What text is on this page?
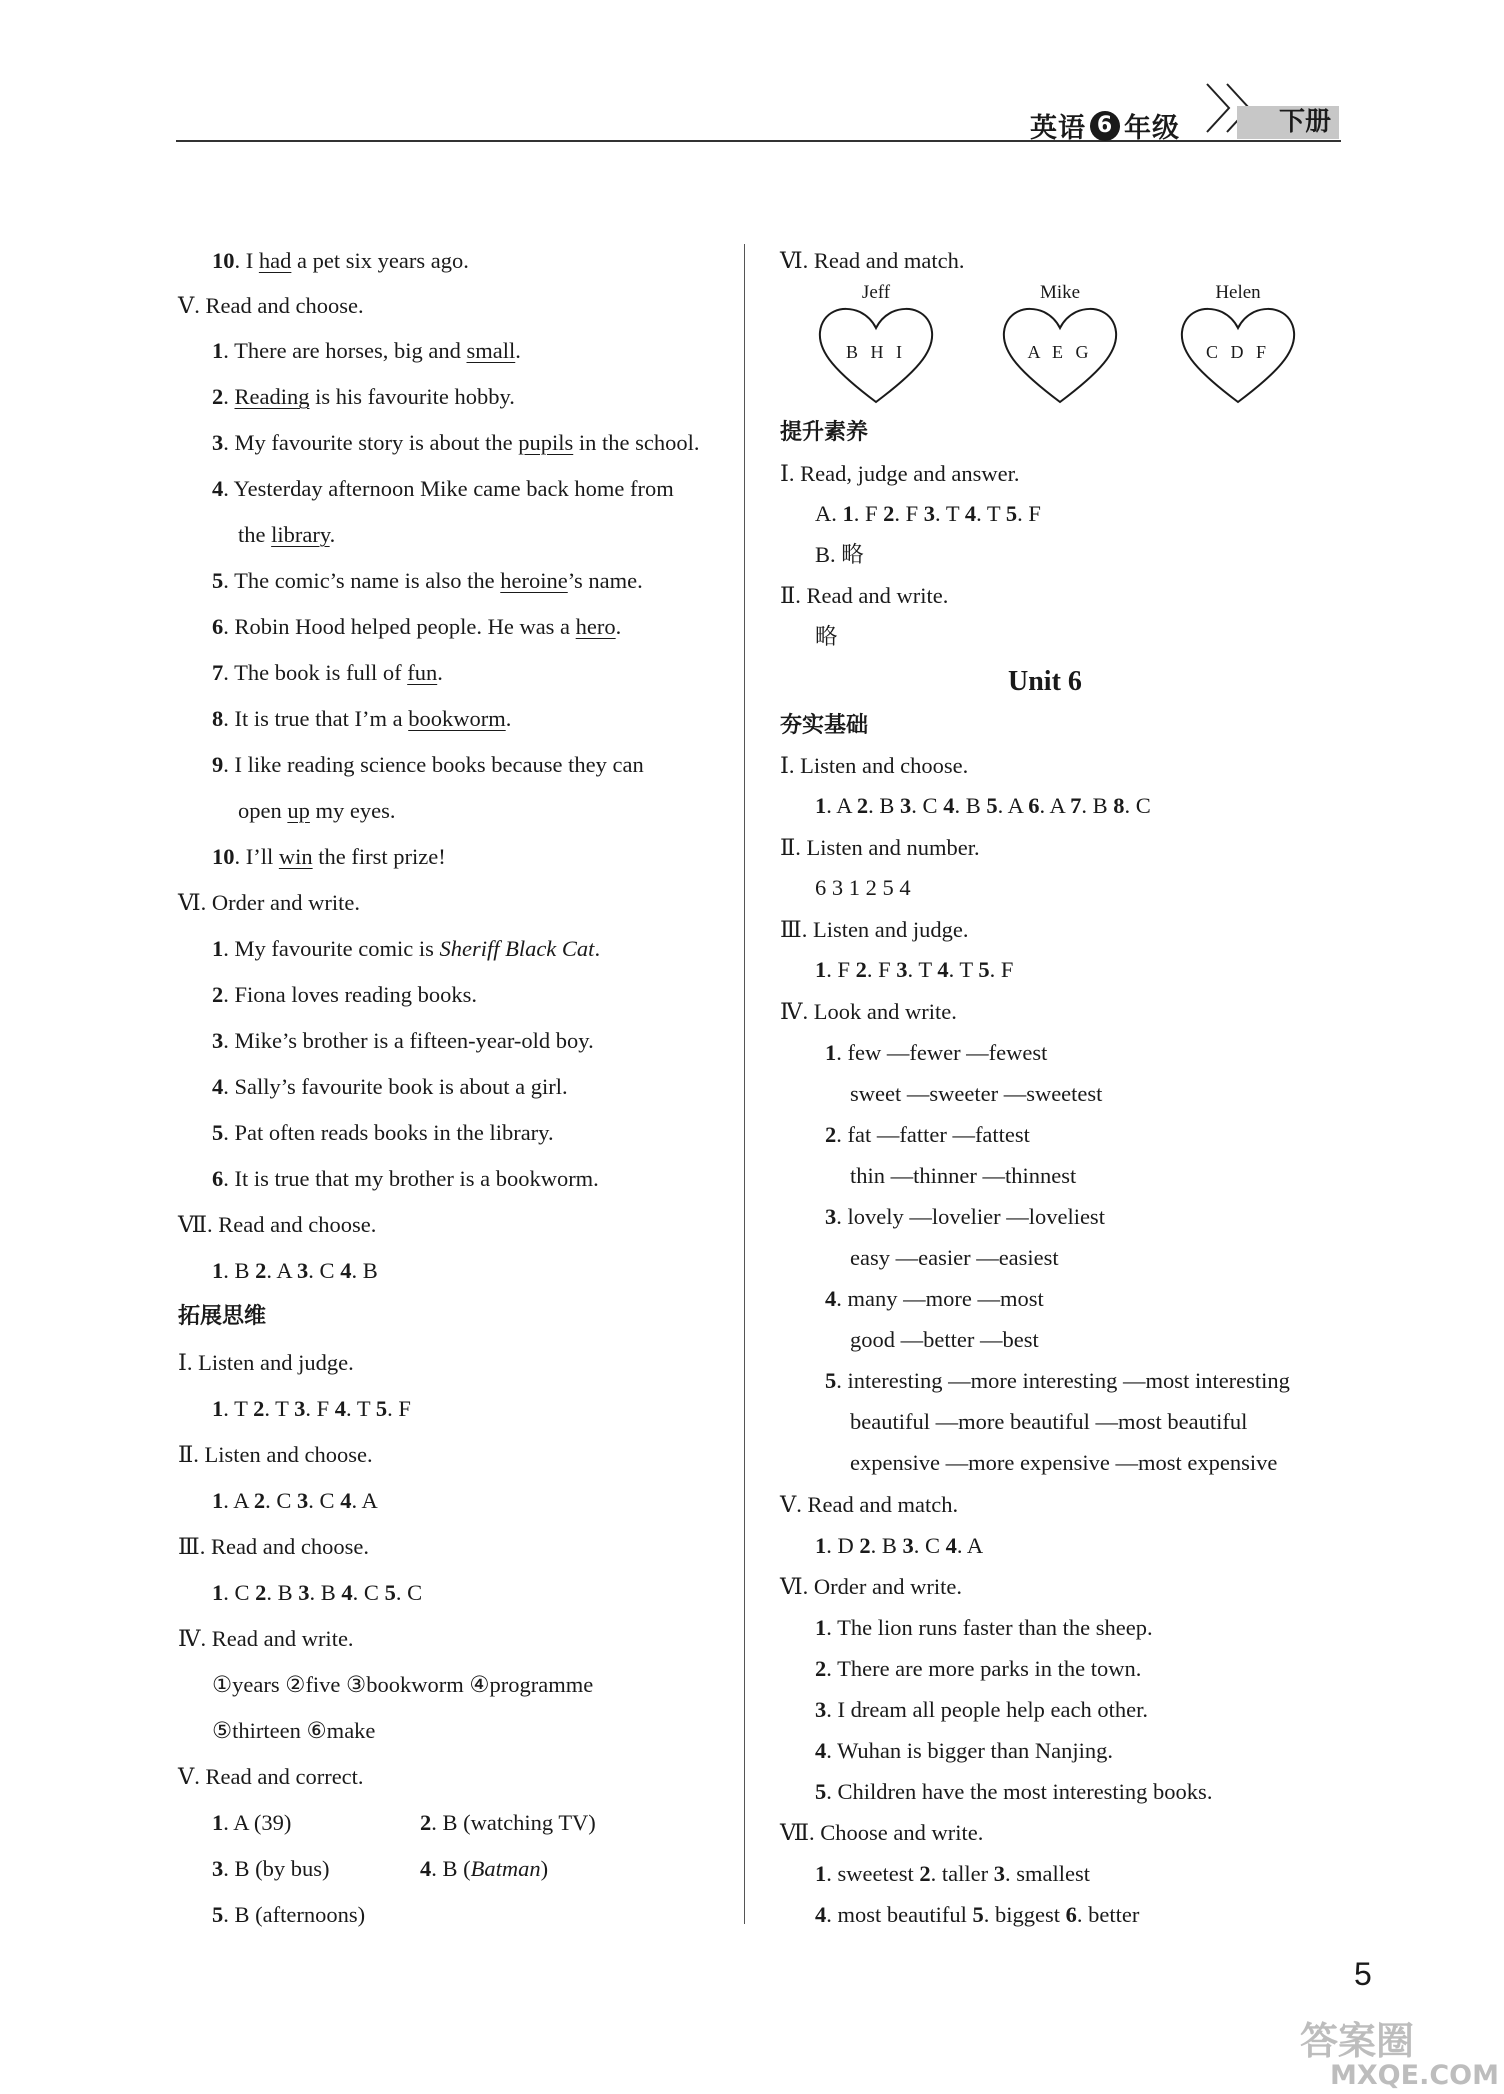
英语 6 年级	下册
10. I had a pet six years ago.
Ⅴ. Read and choose.
1. There are horses, big and small.
2. Reading is his favourite hobby.
3. My favourite story is about the pupils in the school.
4. Yesterday afternoon Mike came back home from
the library.
5. The comic’s name is also the heroine’s name.
6. Robin Hood helped people. He was a hero.
7. The book is full of fun.
8. It is true that I’m a bookworm.
9. I like reading science books because they can
open up my eyes.
10. I’ll win the first prize!
Ⅵ. Order and write.
1. My favourite comic is Sheriff Black Cat.
2. Fiona loves reading books.
3. Mike’s brother is a fifteen-year-old boy.
4. Sally’s favourite book is about a girl.
5. Pat often reads books in the library.
6. It is true that my brother is a bookworm.
Ⅶ. Read and choose.
1. B 2. A 3. C 4. B
拓展思维
Ⅰ. Listen and judge.
1. T 2. T 3. F 4. T 5. F
Ⅱ. Listen and choose.
1. A 2. C 3. C 4. A
Ⅲ. Read and choose.
1. C 2. B 3. B 4. C 5. C
Ⅳ. Read and write.
①years ②five ③bookworm ④programme
⑤thirteen ⑥make
Ⅴ. Read and correct.
1. A (39)	2. B (watching TV)
3. B (by bus)	4. B (Batman)
5. B (afternoons)
Ⅵ. Read and match.
Jeff
B H I
Mike
A E G
Helen
C D F
提升素养
Ⅰ. Read, judge and answer.
A. 1. F 2. F 3. T 4. T 5. F
B. 略
Ⅱ. Read and write.
略
Unit 6
夯实基础
Ⅰ. Listen and choose.
1. A 2. B 3. C 4. B 5. A 6. A 7. B 8. C
Ⅱ. Listen and number.
6 3 1 2 5 4
Ⅲ. Listen and judge.
1. F 2. F 3. T 4. T 5. F
Ⅳ. Look and write.
1. few —fewer —fewest
sweet —sweeter —sweetest
2. fat —fatter —fattest
thin —thinner —thinnest
3. lovely —lovelier —loveliest
easy —easier —easiest
4. many —more —most
good —better —best
5. interesting —more interesting —most interesting
beautiful —more beautiful —most beautiful
expensive —more expensive —most expensive
Ⅴ. Read and match.
1. D 2. B 3. C 4. A
Ⅵ. Order and write.
1. The lion runs faster than the sheep.
2. There are more parks in the town.
3. I dream all people help each other.
4. Wuhan is bigger than Nanjing.
5. Children have the most interesting books.
Ⅶ. Choose and write.
1. sweetest 2. taller 3. smallest
4. most beautiful 5. biggest 6. better
5
答案圈
MXQE.COM
